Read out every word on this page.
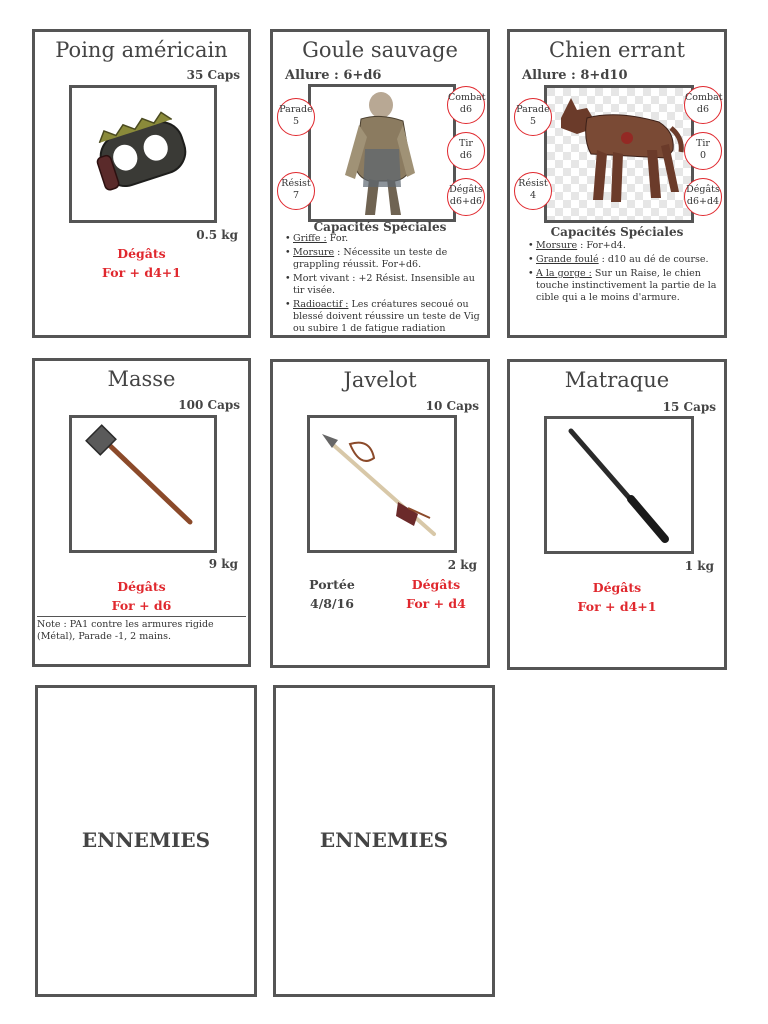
Poing américain
35 Caps
0.5 kg
Dégâts
For + d4+1
Goule sauvage
Allure : 6+d6
Parade
5
Résist
7
Combat
d6
Tir
d6
Dégâts
d6+d6
Capacités Spéciales
• Griffe : For.
• Morsure : Nécessite un teste de grappling réussit. For+d6.
• Mort vivant : +2 Résist. Insensible au tir visée.
• Radioactif : Les créatures secoué ou blessé doivent réussire un teste de Vig ou subire 1 de fatigue radiation
Chien errant
Allure : 8+d10
Parade
5
Résist
4
Combat
d6
Tir
0
Dégâts
d6+d4
Capacités Spéciales
• Morsure : For+d4.
• Grande foulé : d10 au dé de course.
• A la gorge : Sur un Raise, le chien touche instinctivement la partie de la cible qui a le moins d'armure.
Masse
100 Caps
9 kg
Dégâts
For + d6
Note : PA1 contre les armures rigide (Métal), Parade -1, 2 mains.
Javelot
10 Caps
2 kg
Portée
4/8/16
Dégâts
For + d4
Matraque
15 Caps
1 kg
Dégâts
For + d4+1
ENNEMIES	ENNEMIES
